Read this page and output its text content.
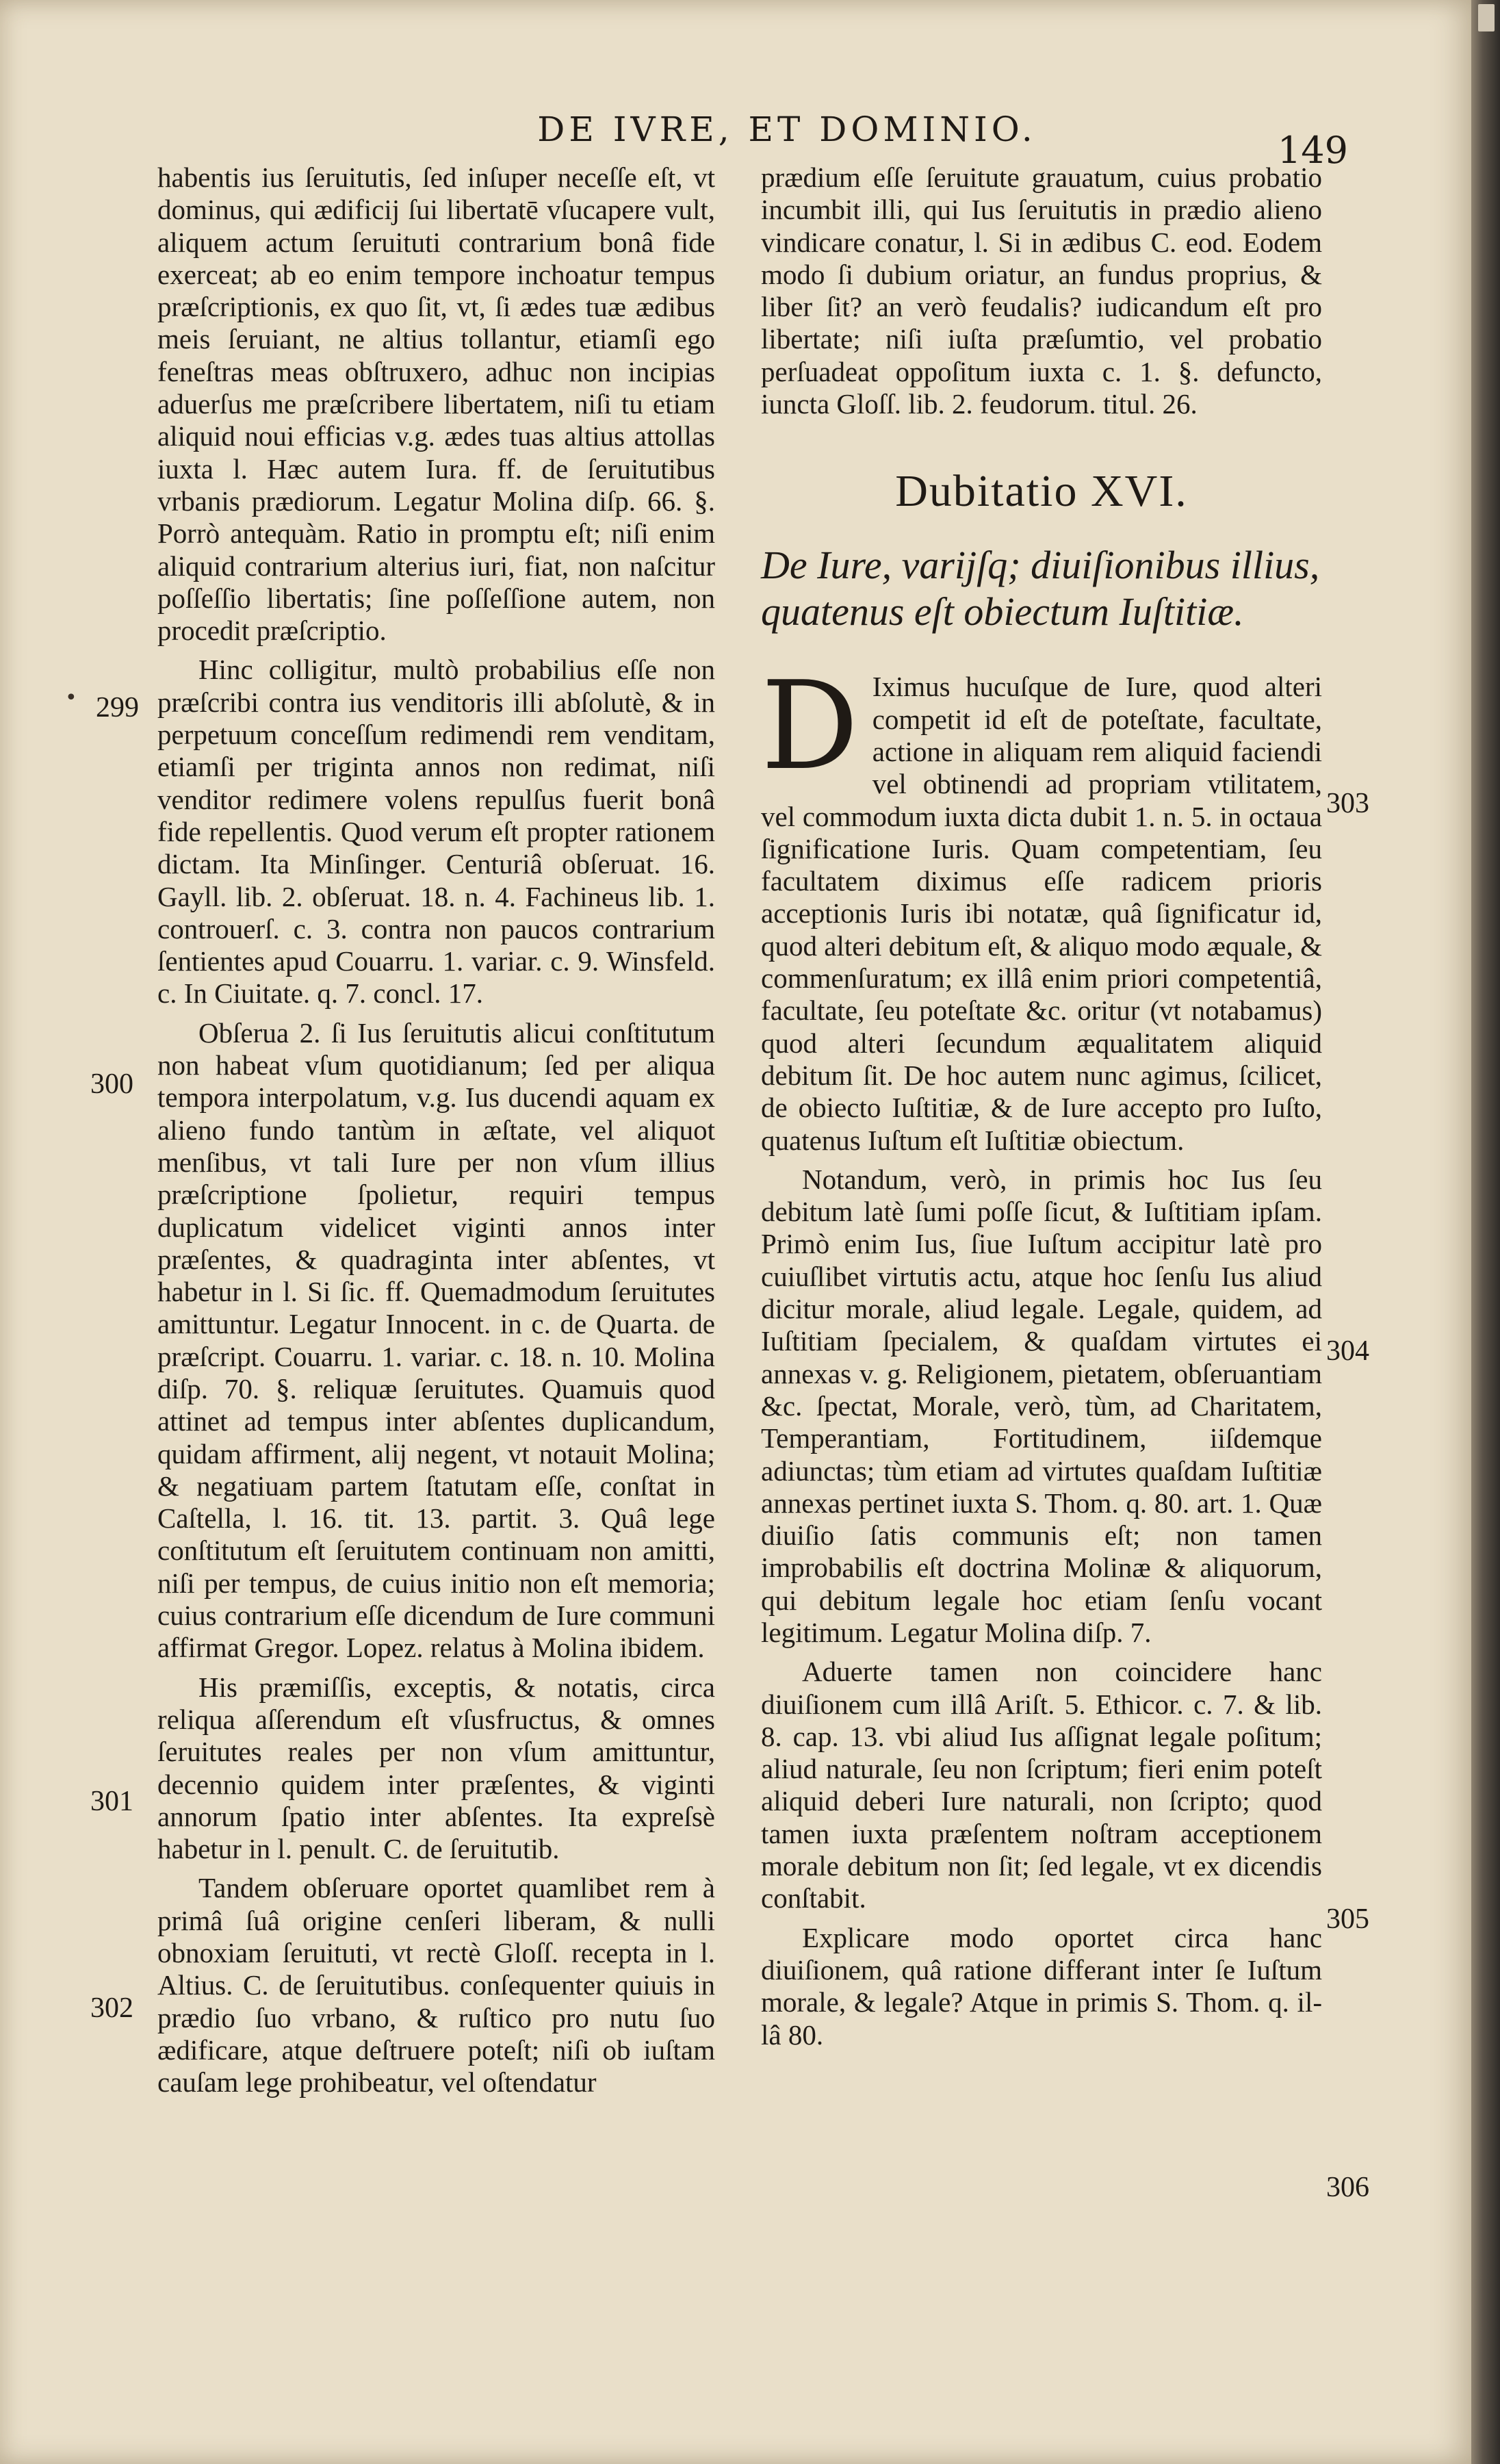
DE IVRE, ET DOMINIO.	149

habentis ius ſeruitutis, ſed inſuper neceſſe eſt, vt dominus, qui ædificij ſui libertatē vſucapere vult, aliquem actum ſeruituti contrarium bonâ fide exerceat; ab eo enim tempore inchoatur tempus præſcriptionis, ex quo ſit, vt, ſi ædes tuæ ædibus meis ſeruiant, ne altius tollantur, etiamſi ego feneſtras meas obſtruxero, adhuc non incipias aduerſus me præſcribere libertatem, niſi tu etiam aliquid noui efficias v.g. ædes tuas altius attollas iuxta l. Hæc autem Iura. ff. de ſeruitutibus vrbanis prædiorum. Legatur Molina diſp. 66. §. Porrò antequàm. Ratio in promptu eſt; niſi enim aliquid contrarium alterius iuri, fiat, non naſcitur poſſeſſio libertatis; ſine poſſeſſione autem, non procedit præſcriptio.

Hinc colligitur, multò probabilius eſſe non præſcribi contra ius venditoris illi abſolutè, & in perpetuum conceſſum redimendi rem venditam, etiamſi per triginta annos non redimat, niſi venditor redimere volens repulſus fuerit bonâ fide repellentis. Quod verum eſt propter rationem dictam. Ita Minſinger. Centuriâ obſeruat. 16. Gayll. lib. 2. obſeruat. 18. n. 4. Fachineus lib. 1. controuerſ. c. 3. contra non paucos contrarium ſentientes apud Couarru. 1. variar. c. 9. Winsfeld. c. In Ciuitate. q. 7. concl. 17.

Obſerua 2. ſi Ius ſeruitutis alicui conſtitutum non habeat vſum quotidianum; ſed per aliqua tempora interpolatum, v.g. Ius ducendi aquam ex alieno fundo tantùm in æſtate, vel aliquot menſibus, vt tali Iure per non vſum illius præſcriptione ſpolietur, requiri tempus duplicatum videlicet viginti annos inter præſentes, & quadraginta inter abſentes, vt habetur in l. Si ſic. ff. Quemadmodum ſeruitutes amittuntur. Legatur Innocent. in c. de Quarta. de præſcript. Couarru. 1. variar. c. 18. n. 10. Molina diſp. 70. §. reliquæ ſeruitutes. Quamuis quod attinet ad tempus inter abſentes duplicandum, quidam affirment, alij negent, vt notauit Molina; & negatiuam partem ſtatutam eſſe, conſtat in Caſtella, l. 16. tit. 13. partit. 3. Quâ lege conſtitutum eſt ſeruitutem continuam non amitti, niſi per tempus, de cuius initio non eſt memoria; cuius contrarium eſſe dicendum de Iure communi affirmat Gregor. Lopez. relatus à Molina ibidem.

His præmiſſis, exceptis, & notatis, circa reliqua aſſerendum eſt vſusfructus, & omnes ſeruitutes reales per non vſum amittuntur, decennio quidem inter præſentes, & viginti annorum ſpatio inter abſentes. Ita expreſsè habetur in l. penult. C. de ſeruitutib.

Tandem obſeruare oportet quamlibet rem à primâ ſuâ origine cenſeri liberam, & nulli obnoxiam ſeruituti, vt rectè Gloſſ. recepta in l. Altius. C. de ſeruitutibus. conſequenter quiuis in prædio ſuo vrbano, & ruſtico pro nutu ſuo ædificare, atque deſtruere poteſt; niſi ob iuſtam cauſam lege prohibeatur, vel oſtendatur

• 299
300
301
302

prædium eſſe ſeruitute grauatum, cuius probatio incumbit illi, qui Ius ſeruitutis in prædio alieno vindicare conatur, l. Si in ædibus C. eod. Eodem modo ſi dubium oriatur, an fundus proprius, & liber ſit? an verò feudalis? iudicandum eſt pro libertate; niſi iuſta præſumtio, vel probatio perſuadeat oppoſitum iuxta c. 1. §. defuncto, iuncta Gloſſ. lib. 2. feudorum. titul. 26.

Dubitatio XVI.

De Iure, varijſq; diuiſionibus illius, quatenus eſt obiectum Iuſtitiæ.

D Iximus hucuſque de Iure, quod alteri competit id eſt de poteſtate, facultate, actione in aliquam rem aliquid faciendi vel obtinendi ad propriam vtilitatem, vel commodum iuxta dicta dubit 1. n. 5. in octaua ſignificatione Iuris. Quam competentiam, ſeu facultatem diximus eſſe radicem prioris acceptionis Iuris ibi notatæ, quâ ſignificatur id, quod alteri debitum eſt, & aliquo modo æquale, & commenſuratum; ex illâ enim priori competentiâ, facultate, ſeu poteſtate &c. oritur (vt notabamus) quod alteri ſecundum æqualitatem aliquid debitum ſit. De hoc autem nunc agimus, ſcilicet, de obiecto Iuſtitiæ, & de Iure accepto pro Iuſto, quatenus Iuſtum eſt Iuſtitiæ obiectum.

Notandum, verò, in primis hoc Ius ſeu debitum latè ſumi poſſe ſicut, & Iuſtitiam ipſam. Primò enim Ius, ſiue Iuſtum accipitur latè pro cuiuſlibet virtutis actu, atque hoc ſenſu Ius aliud dicitur morale, aliud legale. Legale, quidem, ad Iuſtitiam ſpecialem, & quaſdam virtutes ei annexas v. g. Religionem, pietatem, obſeruantiam &c. ſpectat, Morale, verò, tùm, ad Charitatem, Temperantiam, Fortitudinem, iiſdemque adiunctas; tùm etiam ad virtutes quaſdam Iuſtitiæ annexas pertinet iuxta S. Thom. q. 80. art. 1. Quæ diuiſio ſatis communis eſt; non tamen improbabilis eſt doctrina Molinæ & aliquorum, qui debitum legale hoc etiam ſenſu vocant legitimum. Legatur Molina diſp. 7.

Aduerte tamen non coincidere hanc diuiſionem cum illâ Ariſt. 5. Ethicor. c. 7. & lib. 8. cap. 13. vbi aliud Ius aſſignat legale poſitum; aliud naturale, ſeu non ſcriptum; fieri enim poteſt aliquid deberi Iure naturali, non ſcripto; quod tamen iuxta præſentem noſtram acceptionem morale debitum non ſit; ſed legale, vt ex dicendis conſtabit.

Explicare modo oportet circa hanc diuiſionem, quâ ratione differant inter ſe Iuſtum morale, & legale? Atque in primis S. Thom. q. il-lâ 80.

303
304
305
306
